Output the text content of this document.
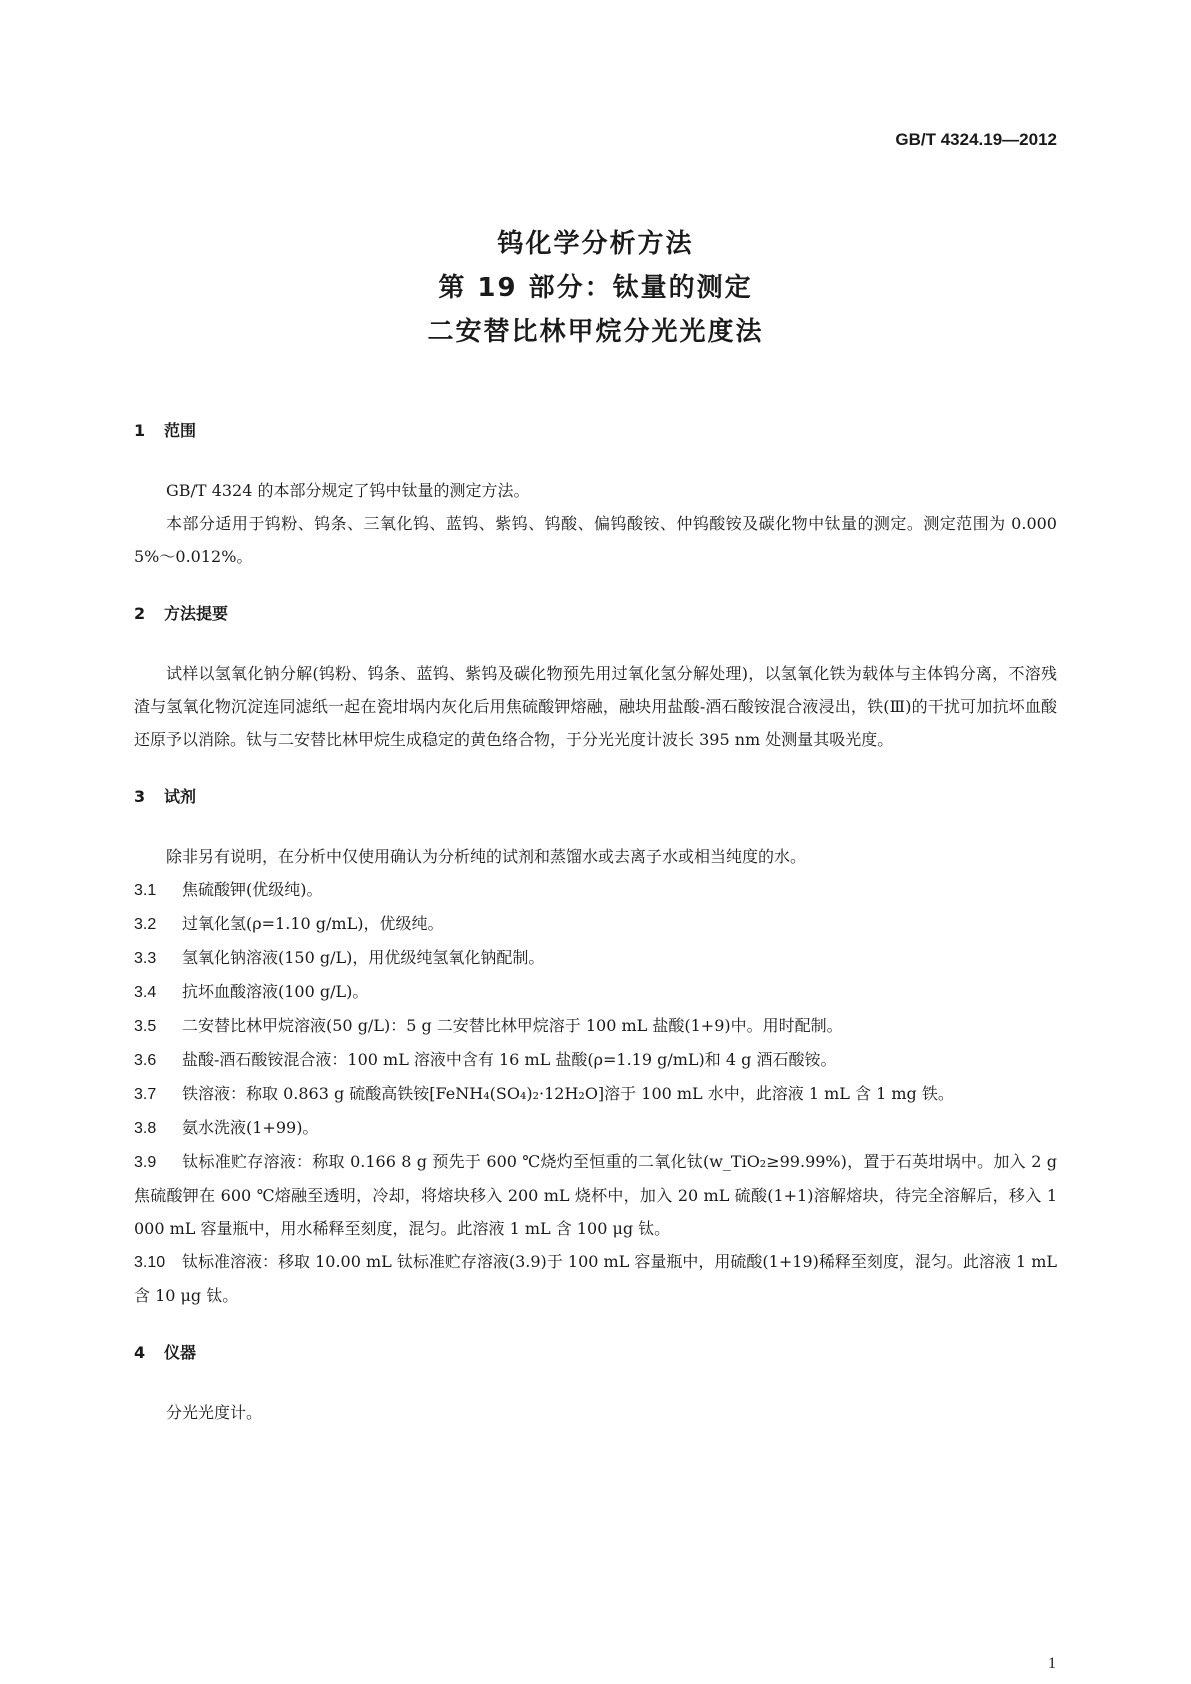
GB/T 4324.19—2012
钨化学分析方法
第 19 部分：钛量的测定
二安替比林甲烷分光光度法
1 范围

GB/T 4324 的本部分规定了钨中钛量的测定方法。

本部分适用于钨粉、钨条、三氧化钨、蓝钨、紫钨、钨酸、偏钨酸铵、仲钨酸铵及碳化物中钛量的测定。测定范围为 0.000 5%～0.012%。

2 方法提要

试样以氢氧化钠分解(钨粉、钨条、蓝钨、紫钨及碳化物预先用过氧化氢分解处理)，以氢氧化铁为载体与主体钨分离，不溶残渣与氢氧化物沉淀连同滤纸一起在瓷坩埚内灰化后用焦硫酸钾熔融，融块用盐酸-酒石酸铵混合液浸出，铁(Ⅲ)的干扰可加抗坏血酸还原予以消除。钛与二安替比林甲烷生成稳定的黄色络合物，于分光光度计波长 395 nm 处测量其吸光度。

3 试剂

除非另有说明，在分析中仅使用确认为分析纯的试剂和蒸馏水或去离子水或相当纯度的水。

3.1 焦硫酸钾(优级纯)。

3.2 过氧化氢(ρ=1.10 g/mL)，优级纯。

3.3 氢氧化钠溶液(150 g/L)，用优级纯氢氧化钠配制。

3.4 抗坏血酸溶液(100 g/L)。

3.5 二安替比林甲烷溶液(50 g/L)：5 g 二安替比林甲烷溶于 100 mL 盐酸(1+9)中。用时配制。

3.6 盐酸-酒石酸铵混合液：100 mL 溶液中含有 16 mL 盐酸(ρ=1.19 g/mL)和 4 g 酒石酸铵。

3.7 铁溶液：称取 0.863 g 硫酸高铁铵[FeNH₄(SO₄)₂·12H₂O]溶于 100 mL 水中，此溶液 1 mL 含 1 mg 铁。

3.8 氨水洗液(1+99)。

3.9 钛标准贮存溶液：称取 0.166 8 g 预先于 600 ℃烧灼至恒重的二氧化钛(w_TiO₂≥99.99%)，置于石英坩埚中。加入 2 g 焦硫酸钾在 600 ℃熔融至透明，冷却，将熔块移入 200 mL 烧杯中，加入 20 mL 硫酸(1+1)溶解熔块，待完全溶解后，移入 1 000 mL 容量瓶中，用水稀释至刻度，混匀。此溶液 1 mL 含 100 μg 钛。

3.10 钛标准溶液：移取 10.00 mL 钛标准贮存溶液(3.9)于 100 mL 容量瓶中，用硫酸(1+19)稀释至刻度，混匀。此溶液 1 mL 含 10 μg 钛。

4 仪器

分光光度计。

1
